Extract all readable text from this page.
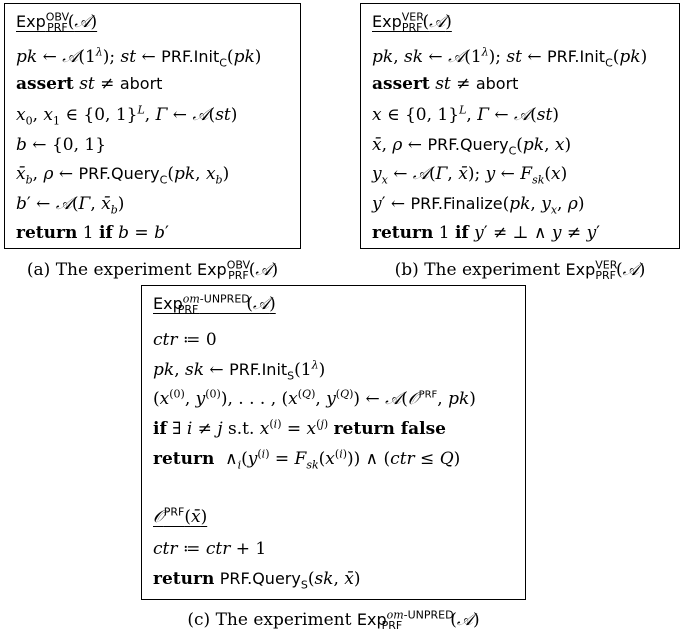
Exp$^{OBV}_{PRF}$(𝒜)
pk ← $𝒜(1^\lambda)$; st ← PRF.Init$_C$(pk)
assert st ≠ abort
$x_0$, $x_1$ ∈ {0, 1}$^L$, Γ ← 𝒜(st)
b ← {0, 1}
$x̄_b$, ρ ← PRF.Query$_C$(pk, $x_b$)
b′ ← 𝒜(Γ, $x̄_b$)
return 1 if b = b′
(a) The experiment Exp$^{OBV}_{PRF}$(𝒜)
Exp$^{VER}_{PRF}$(𝒜)
pk, sk ← $𝒜(1^\lambda)$; st ← PRF.Init$_C$(pk)
assert st ≠ abort
x ∈ {0, 1}$^L$, Γ ← 𝒜(st)
x̄, ρ ← PRF.Query$_C$(pk, x)
$y_x$ ← 𝒜(Γ, x̄); y ← $F_{sk}(x)$
y′ ← PRF.Finalize(pk, $y_x$, ρ)
return 1 if y′ ≠ ⊥ ∧ y ≠ y′
(b) The experiment Exp$^{VER}_{PRF}$(𝒜)
Exp$^{om-UNPRED}_{PRF}$	(𝒜)
ctr ≔ 0
pk, sk ← $PRF.Init_S(1^\lambda)$
($x^{(0)}$, $y^{(0)}$), . . . , ($x^{(Q)}$, $y^{(Q)}$) ← 𝒜(𝒪$^{PRF}$, pk)
if ∃ i ≠ j s.t. $x^{(i)} = x^{(j)}$ return false
return  $\wedge_i(y^{(i)} = F_{sk}(x^{(i)}))$ ∧ (ctr ≤ Q)
𝒪$^{PRF}$(x̄)
ctr ≔ ctr + 1
return PRF.Query$_S$(sk, x̄)
(c) The experiment Exp$^{om-UNPRED}_{PRF}$	(𝒜)
